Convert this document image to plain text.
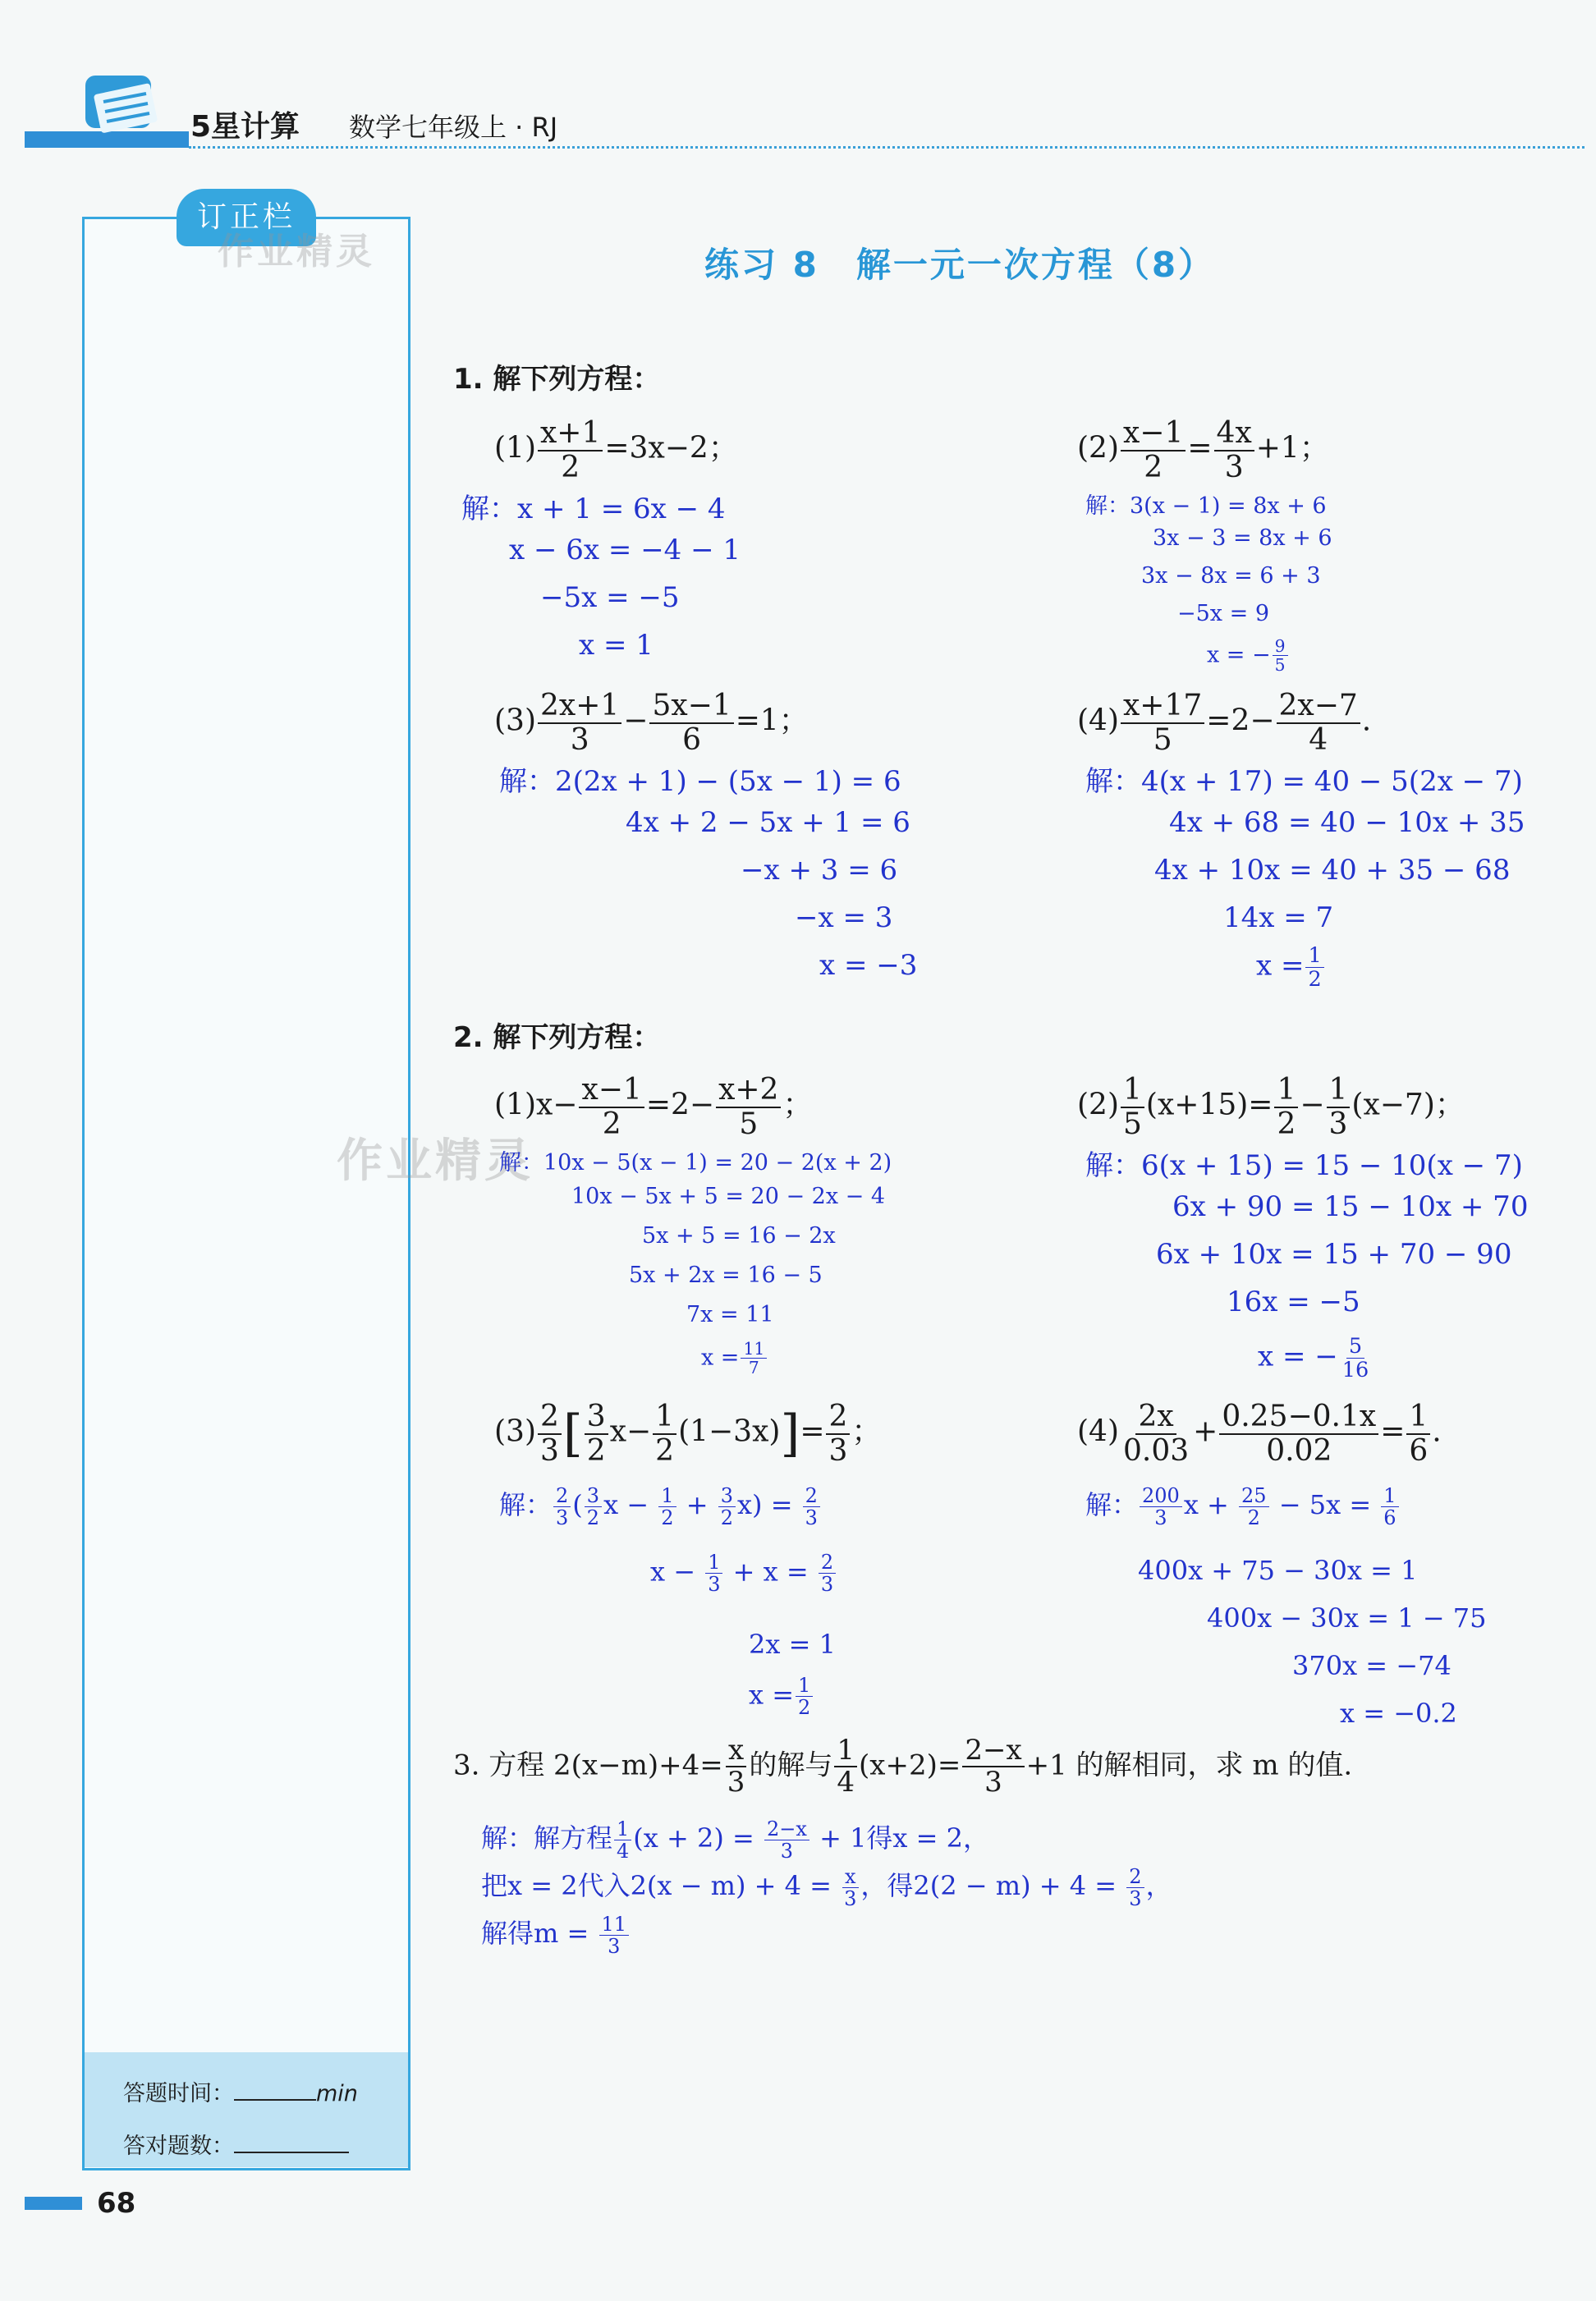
5星计算 数学七年级上 · RJ
订正栏
作业精灵
作业精灵
答题时间：	min
答对题数：
68
练习 8　解一元一次方程（8）
1. 解下列方程：
$(1) \frac{x+1}{2} =3x-2$；
解：x + 1 = 6x − 4
x − 6x = −4 − 1
−5x = −5
x = 1
$(2) \frac{x-1}{2} = \frac{4x}{3} +1$；
解：3(x − 1) = 8x + 6
3x − 3 = 8x + 6
3x − 8x = 6 + 3
−5x = 9
x = − $\frac{9}{5}$
$(3) \frac{2x+1}{3} - \frac{5x-1}{6} =1$；
解：2(2x + 1) − (5x − 1) = 6
4x + 2 − 5x + 1 = 6
−x + 3 = 6
−x = 3
x = −3
$(4) \frac{x+17}{5} =2- \frac{2x-7}{4}$ .
解：4(x + 17) = 40 − 5(2x − 7)
4x + 68 = 40 − 10x + 35
4x + 10x = 40 + 35 − 68
14x = 7
$x = \frac{1}{2}$
2. 解下列方程：
$(1)x- \frac{x-1}{2} =2- \frac{x+2}{5}$ ；
解：10x − 5(x − 1) = 20 − 2(x + 2)
10x − 5x + 5 = 20 − 2x − 4
5x + 5 = 16 − 2x
5x + 2x = 16 − 5
7x = 11
$x = \frac{11}{7}$
$(2) \frac{1}{5} (x+15)= \frac{1}{2} - \frac{1}{3} (x-7)$；
解：6(x + 15) = 15 − 10(x − 7)
6x + 90 = 15 − 10x + 70
6x + 10x = 15 + 70 − 90
16x = −5
x = − $\frac{5}{16}$
$(3) \frac{2}{3}$ [ $\frac{3}{2} x- \frac{1}{2} (1-3x)]= \frac{2}{3}$ ；
解： $\frac{2}{3}$ ( $\frac{3}{2}$ $x - \frac{1}{2} + \frac{3}{2} x) = \frac{2}{3}$
$x - \frac{1}{3} + x = \frac{2}{3}$
2x = 1
$x = \frac{1}{2}$
$(4) \frac{2x}{0.03} + \frac{0.25-0.1x}{0.02} = \frac{1}{6}$ .
解： $\frac{200}{3}$ $x + \frac{25}{2} - 5x = \frac{1}{6}$
400x + 75 − 30x = 1
400x − 30x = 1 − 75
370x = −74
x = −0.2
3. 方程 $2(x-m)+4= \frac{x}{3}$ 的解与 $\frac{1}{4} (x+2)= \frac{2-x}{3} +1$ 的解相同，求 m 的值.
解：解方程 $\frac{1}{4} (x + 2) = \frac{2-x}{3} + 1$得x = 2，
把x = 2代入$2(x - m) + 4 = \frac{x}{3}$ ，得$2(2 - m) + 4 = \frac{2}{3}$ ，
解得$m = \frac{11}{3}$
